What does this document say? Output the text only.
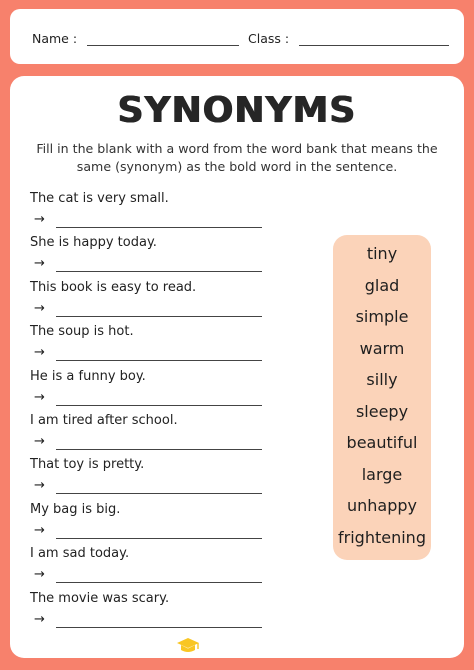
Name :	Class :
SYNONYMS
Fill in the blank with a word from the word bank that means the same (synonym) as the bold word in the sentence.
The cat is very small.
→
She is happy today.
→
This book is easy to read.
→
The soup is hot.
→
He is a funny boy.
→
I am tired after school.
→
That toy is pretty.
→
My bag is big.
→
I am sad today.
→
The movie was scary.
→
tiny
glad
simple
warm
silly
sleepy
beautiful
large
unhappy
frightening
7ESL.COM
